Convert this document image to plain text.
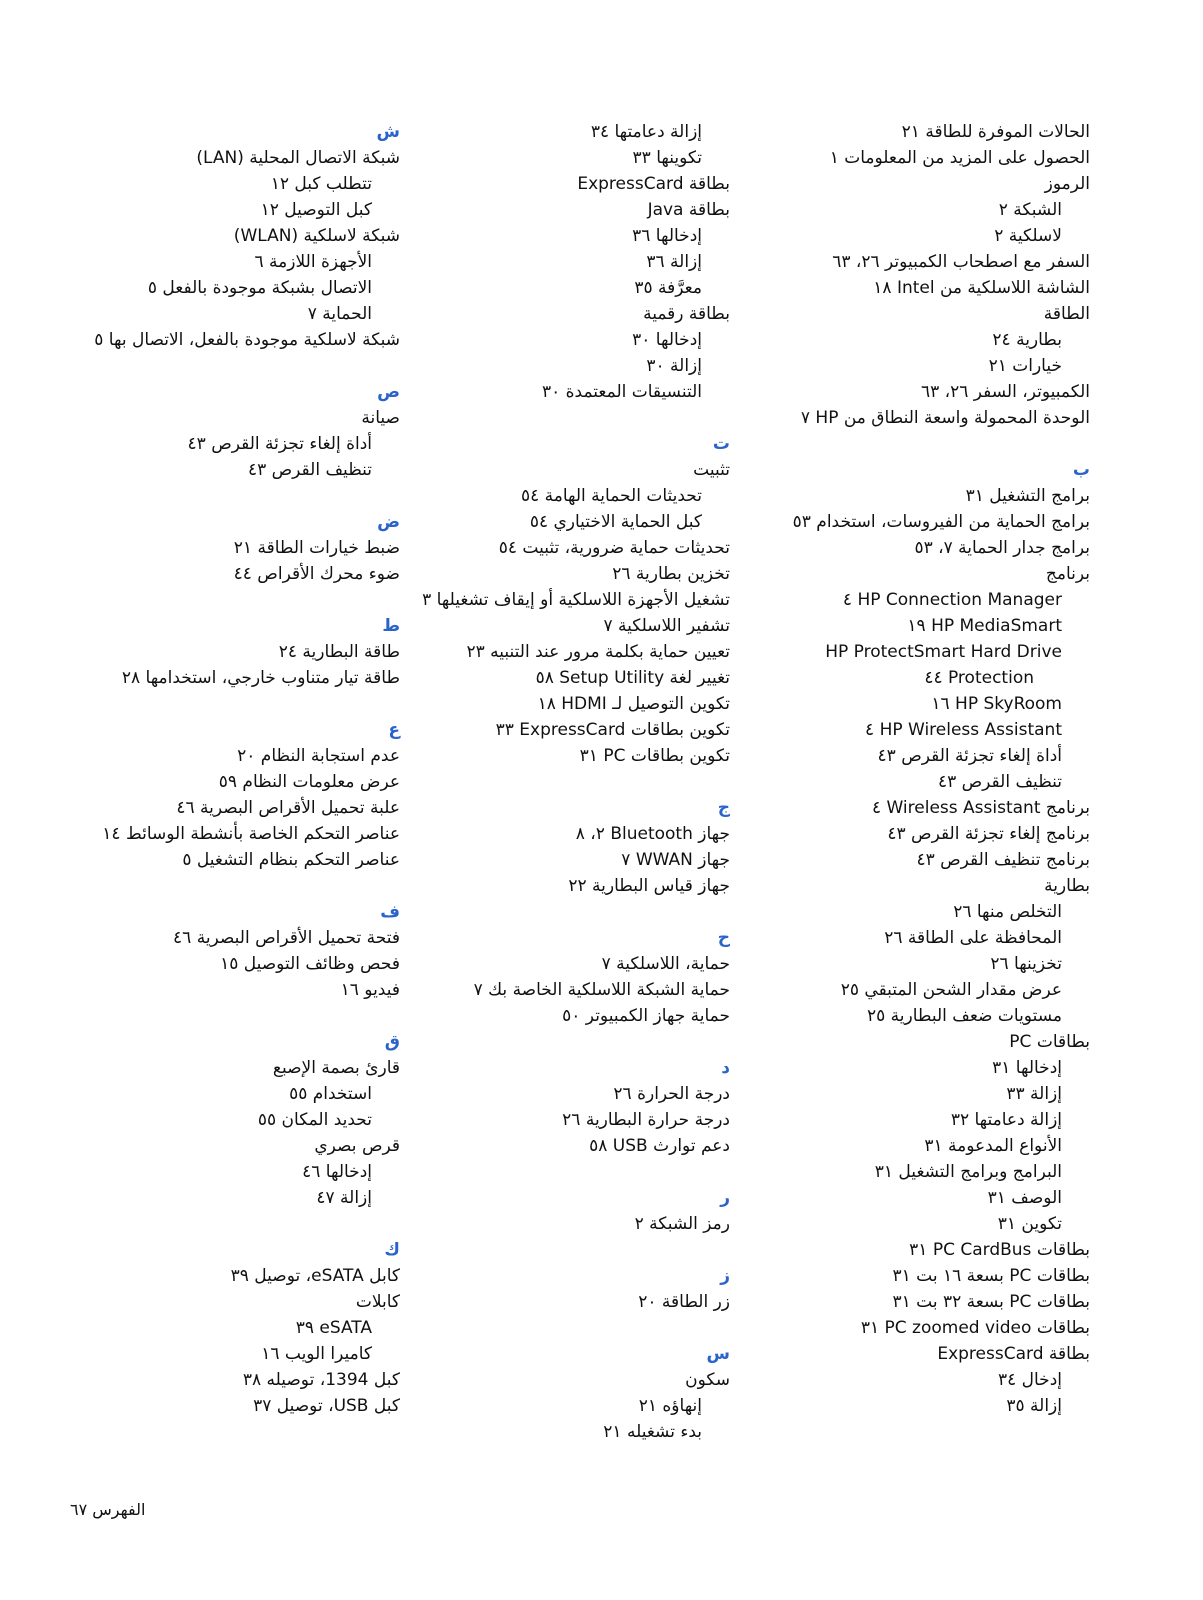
الحالات الموفرة للطاقة ٢١
الحصول على المزيد من المعلومات ١
الرموز
الشبكة ٢
لاسلكية ٢
السفر مع اصطحاب الكمبيوتر ٢٦، ٦٣
الشاشة اللاسلكية من Intel ١٨
الطاقة
بطارية ٢٤
خيارات ٢١
الكمبيوتر، السفر ٢٦، ٦٣
الوحدة المحمولة واسعة النطاق من HP ٧
ب
برامج التشغيل ٣١
برامج الحماية من الفيروسات، استخدام ٥٣
برامج جدار الحماية ٧، ٥٣
برنامج
HP Connection Manager ٤
HP MediaSmart ١٩
HP ProtectSmart Hard Drive
Protection ٤٤
HP SkyRoom ١٦
HP Wireless Assistant ٤
أداة إلغاء تجزئة القرص ٤٣
تنظيف القرص ٤٣
برنامج Wireless Assistant ٤
برنامج إلغاء تجزئة القرص ٤٣
برنامج تنظيف القرص ٤٣
بطارية
التخلص منها ٢٦
المحافظة على الطاقة ٢٦
تخزينها ٢٦
عرض مقدار الشحن المتبقي ٢٥
مستويات ضعف البطارية ٢٥
بطاقات PC
إدخالها ٣١
إزالة ٣٣
إزالة دعامتها ٣٢
الأنواع المدعومة ٣١
البرامج وبرامج التشغيل ٣١
الوصف ٣١
تكوين ٣١
بطاقات PC CardBus ٣١
بطاقات PC بسعة ١٦ بت ٣١
بطاقات PC بسعة ٣٢ بت ٣١
بطاقات PC zoomed video ٣١
بطاقة ExpressCard
إدخال ٣٤
إزالة ٣٥
إزالة دعامتها ٣٤
تكوينها ٣٣
بطاقة ExpressCard
بطاقة Java
إدخالها ٣٦
إزالة ٣٦
معرَّفة ٣٥
بطاقة رقمية
إدخالها ٣٠
إزالة ٣٠
التنسيقات المعتمدة ٣٠
ت
تثبيت
تحديثات الحماية الهامة ٥٤
كبل الحماية الاختياري ٥٤
تحديثات حماية ضرورية، تثبيت ٥٤
تخزين بطارية ٢٦
تشغيل الأجهزة اللاسلكية أو إيقاف تشغيلها ٣
تشفير اللاسلكية ٧
تعيين حماية بكلمة مرور عند التنبيه ٢٣
تغيير لغة Setup Utility ٥٨
تكوين التوصيل لـ HDMI ١٨
تكوين بطاقات ExpressCard ٣٣
تكوين بطاقات PC ٣١
ج
جهاز Bluetooth ٢، ٨
جهاز WWAN ٧
جهاز قياس البطارية ٢٢
ح
حماية، اللاسلكية ٧
حماية الشبكة اللاسلكية الخاصة بك ٧
حماية جهاز الكمبيوتر ٥٠
د
درجة الحرارة ٢٦
درجة حرارة البطارية ٢٦
دعم توارث USB ٥٨
ر
رمز الشبكة ٢
ز
زر الطاقة ٢٠
س
سكون
إنهاؤه ٢١
بدء تشغيله ٢١
ش
شبكة الاتصال المحلية (LAN)
تتطلب كبل ١٢
كبل التوصيل ١٢
شبكة لاسلكية (WLAN)
الأجهزة اللازمة ٦
الاتصال بشبكة موجودة بالفعل ٥
الحماية ٧
شبكة لاسلكية موجودة بالفعل، الاتصال بها ٥
ص
صيانة
أداة إلغاء تجزئة القرص ٤٣
تنظيف القرص ٤٣
ض
ضبط خيارات الطاقة ٢١
ضوء محرك الأقراص ٤٤
ط
طاقة البطارية ٢٤
طاقة تيار متناوب خارجي، استخدامها ٢٨
ع
عدم استجابة النظام ٢٠
عرض معلومات النظام ٥٩
علبة تحميل الأقراص البصرية ٤٦
عناصر التحكم الخاصة بأنشطة الوسائط ١٤
عناصر التحكم بنظام التشغيل ٥
ف
فتحة تحميل الأقراص البصرية ٤٦
فحص وظائف التوصيل ١٥
فيديو ١٦
ق
قارئ بصمة الإصبع
استخدام ٥٥
تحديد المكان ٥٥
قرص بصري
إدخالها ٤٦
إزالة ٤٧
ك
كابل eSATA، توصيل ٣٩
كابلات
eSATA ٣٩
كاميرا الويب ١٦
كبل 1394، توصيله ٣٨
كبل USB، توصيل ٣٧
الفهرس ٦٧
